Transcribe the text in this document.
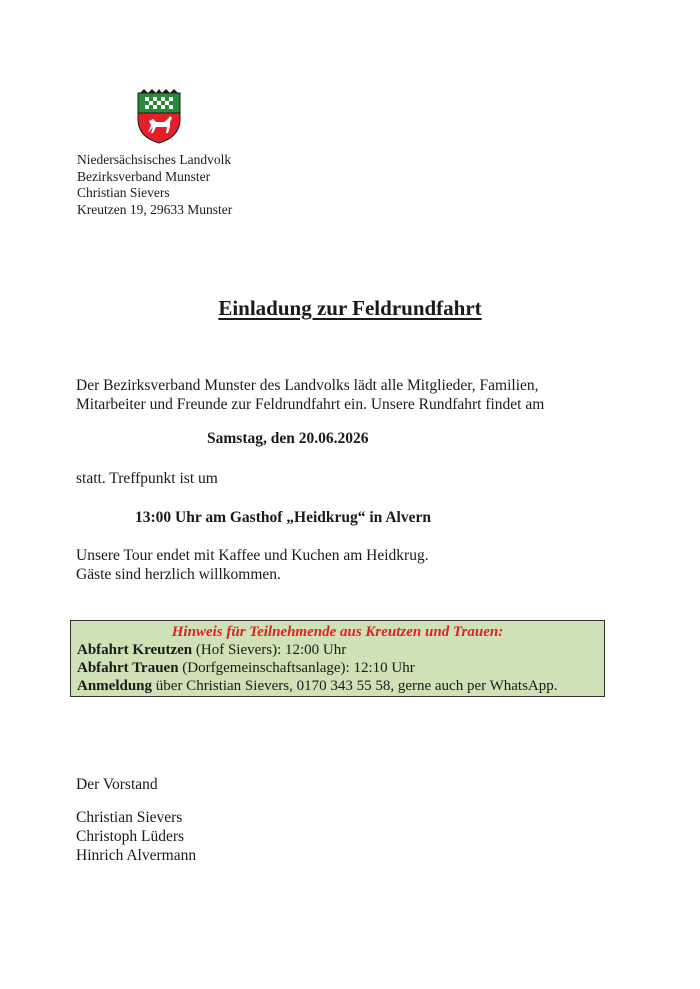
Niedersächsisches Landvolk
Bezirksverband Munster
Christian Sievers
Kreutzen 19, 29633 Munster
Einladung zur Feldrundfahrt
Der Bezirksverband Munster des Landvolks lädt alle Mitglieder, Familien,
Mitarbeiter und Freunde zur Feldrundfahrt ein. Unsere Rundfahrt findet am
Samstag, den 20.06.2026
statt. Treffpunkt ist um
13:00 Uhr am Gasthof „Heidkrug“ in Alvern
Unsere Tour endet mit Kaffee und Kuchen am Heidkrug.
Gäste sind herzlich willkommen.
Hinweis für Teilnehmende aus Kreutzen und Trauen:
Abfahrt Kreutzen (Hof Sievers): 12:00 Uhr
Abfahrt Trauen (Dorfgemeinschaftsanlage): 12:10 Uhr
Anmeldung über Christian Sievers, 0170 343 55 58, gerne auch per WhatsApp.
Der Vorstand
Christian Sievers
Christoph Lüders
Hinrich Alvermann
